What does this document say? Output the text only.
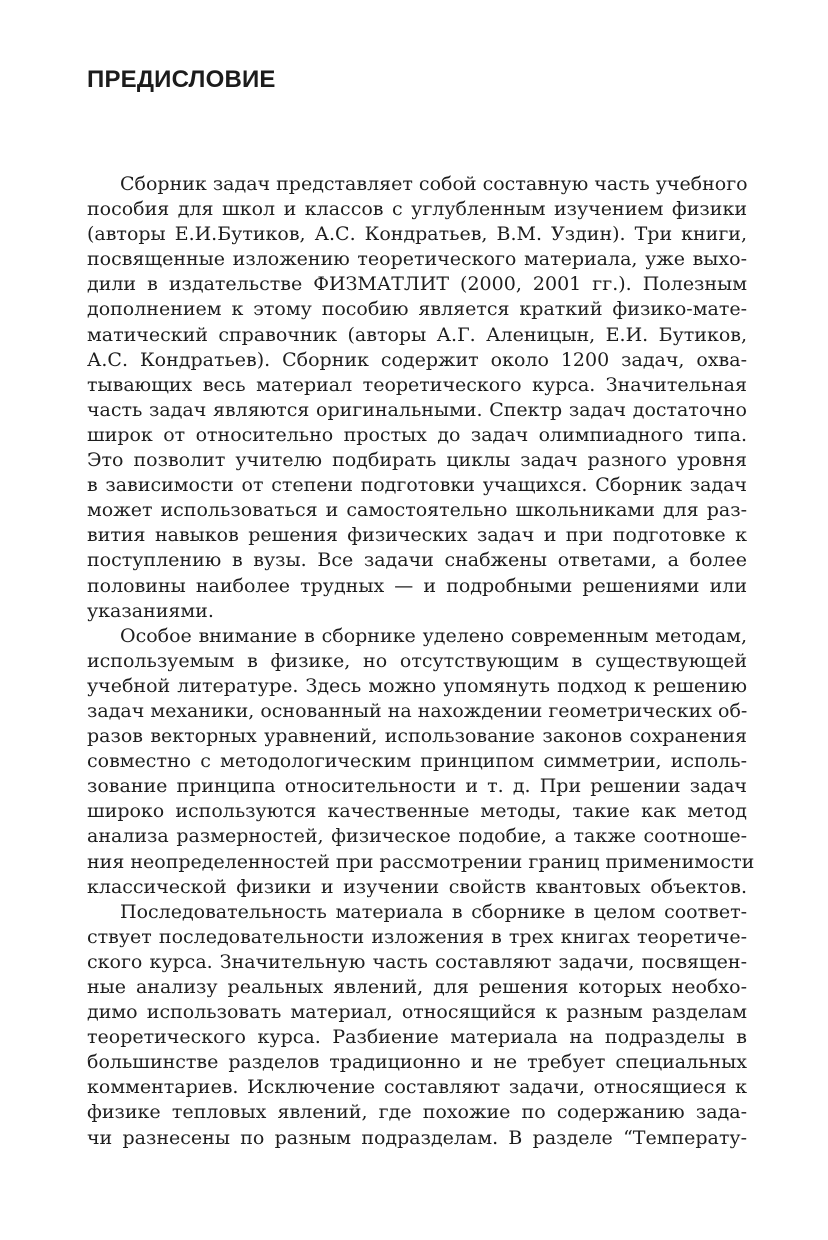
ПРЕДИСЛОВИЕ
Сборник задач представляет собой составную часть учебного
пособия для школ и классов с углубленным изучением физики
(авторы Е.И.Бутиков, А.С. Кондратьев, В.М. Уздин). Три книги,
посвященные изложению теоретического материала, уже выхо-
дили в издательстве ФИЗМАТЛИТ (2000, 2001 гг.). Полезным
дополнением к этому пособию является краткий физико-мате-
матический справочник (авторы А.Г. Аленицын, Е.И. Бутиков,
А.С. Кондратьев). Сборник содержит около 1200 задач, охва-
тывающих весь материал теоретического курса. Значительная
часть задач являются оригинальными. Спектр задач достаточно
широк от относительно простых до задач олимпиадного типа.
Это позволит учителю подбирать циклы задач разного уровня
в зависимости от степени подготовки учащихся. Сборник задач
может использоваться и самостоятельно школьниками для раз-
вития навыков решения физических задач и при подготовке к
поступлению в вузы. Все задачи снабжены ответами, а более
половины наиболее трудных — и подробными решениями или
указаниями.
Особое внимание в сборнике уделено современным методам,
используемым в физике, но отсутствующим в существующей
учебной литературе. Здесь можно упомянуть подход к решению
задач механики, основанный на нахождении геометрических об-
разов векторных уравнений, использование законов сохранения
совместно с методологическим принципом симметрии, исполь-
зование принципа относительности и т. д. При решении задач
широко используются качественные методы, такие как метод
анализа размерностей, физическое подобие, а также соотноше-
ния неопределенностей при рассмотрении границ применимости
классической физики и изучении свойств квантовых объектов.
Последовательность материала в сборнике в целом соответ-
ствует последовательности изложения в трех книгах теоретиче-
ского курса. Значительную часть составляют задачи, посвящен-
ные анализу реальных явлений, для решения которых необхо-
димо использовать материал, относящийся к разным разделам
теоретического курса. Разбиение материала на подразделы в
большинстве разделов традиционно и не требует специальных
комментариев. Исключение составляют задачи, относящиеся к
физике тепловых явлений, где похожие по содержанию зада-
чи разнесены по разным подразделам. В разделе “Температу-
